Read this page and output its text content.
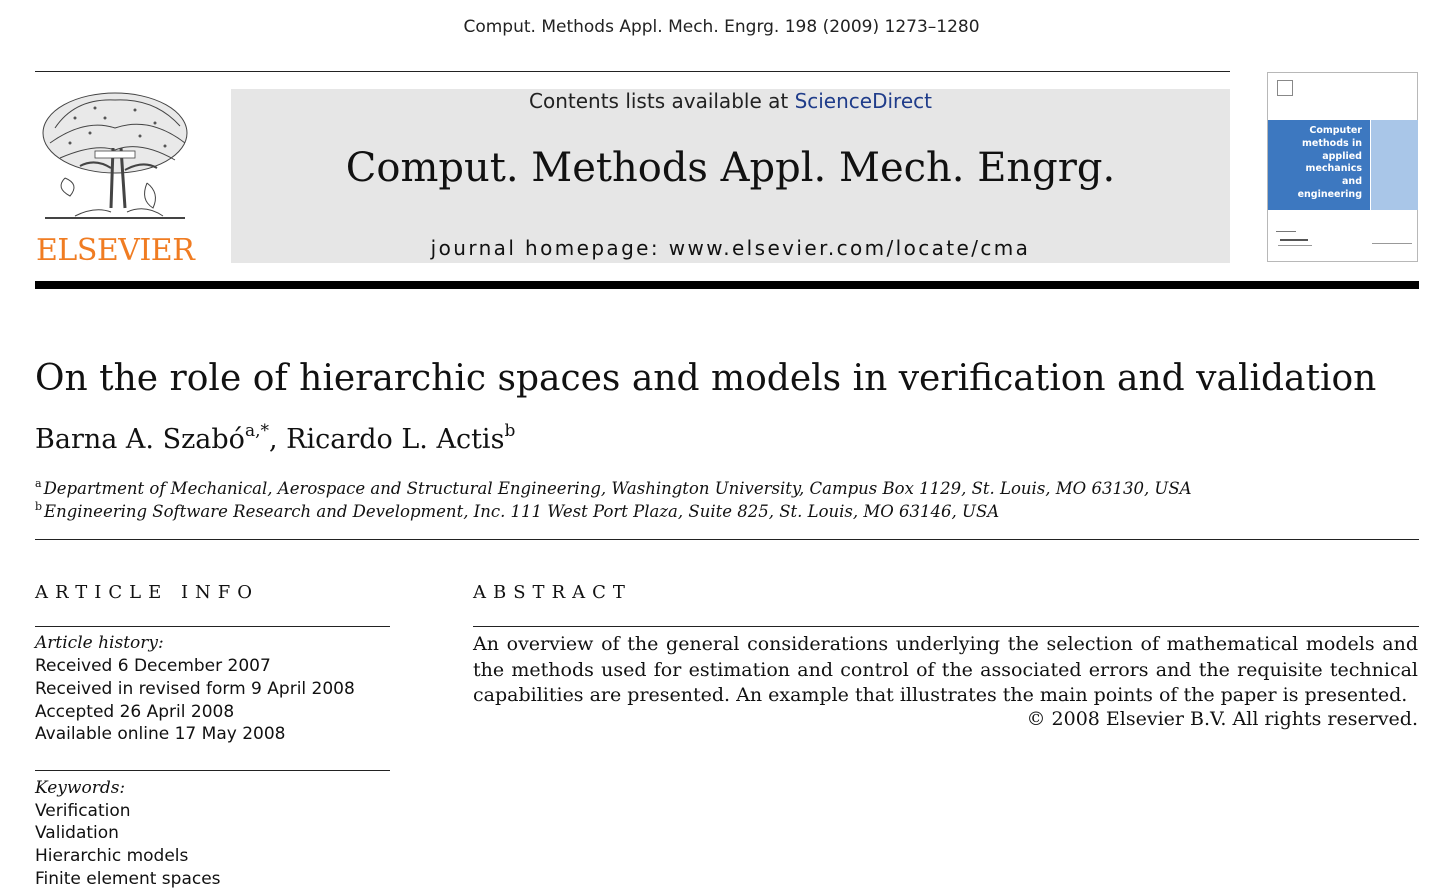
Comput. Methods Appl. Mech. Engrg. 198 (2009) 1273–1280
ELSEVIER
Contents lists available at ScienceDirect
Comput. Methods Appl. Mech. Engrg.
journal homepage: www.elsevier.com/locate/cma
Computer
methods in
applied
mechanics
and
engineering
On the role of hierarchic spaces and models in verification and validation
Barna A. Szabó$^{a,*}$, Ricardo L. Actis$^b$
$^a$ Department of Mechanical, Aerospace and Structural Engineering, Washington University, Campus Box 1129, St. Louis, MO 63130, USA
$^b$ Engineering Software Research and Development, Inc. 111 West Port Plaza, Suite 825, St. Louis, MO 63146, USA
ARTICLE INFO
Article history:
Received 6 December 2007
Received in revised form 9 April 2008
Accepted 26 April 2008
Available online 17 May 2008
Keywords:
Verification
Validation
Hierarchic models
Finite element spaces
ABSTRACT
An overview of the general considerations underlying the selection of mathematical models and the methods used for estimation and control of the associated errors and the requisite technical capabilities are presented. An example that illustrates the main points of the paper is presented.
© 2008 Elsevier B.V. All rights reserved.
